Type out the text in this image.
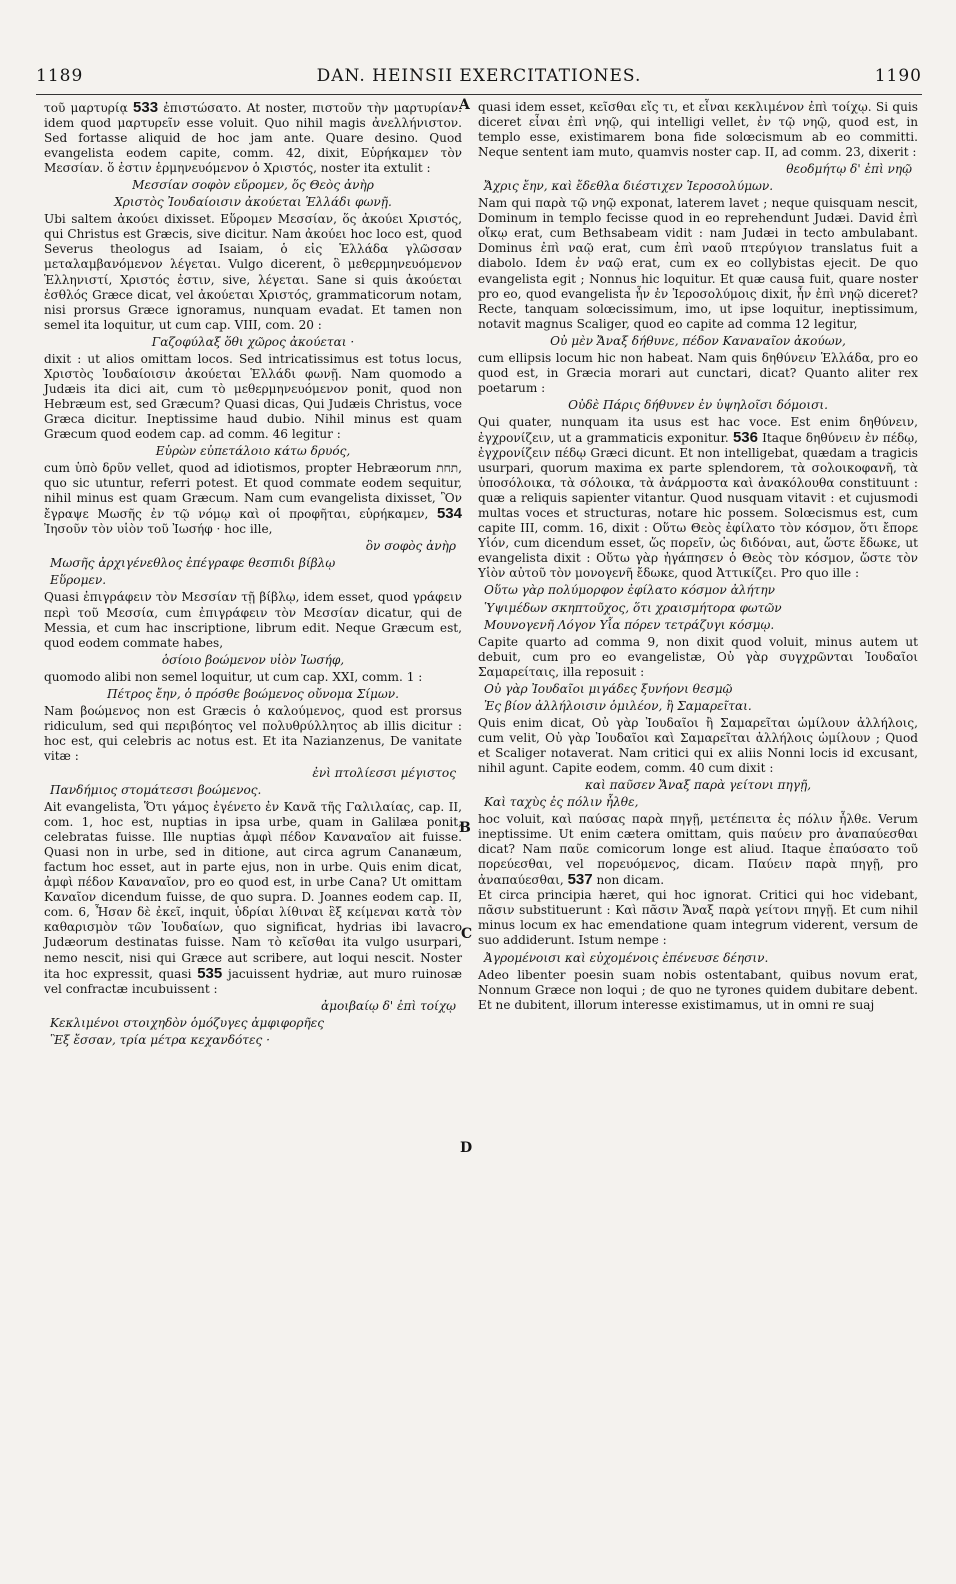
1189	DAN. HEINSII EXERCITATIONES.	1190
A
B
C
D

τοῦ μαρτυρίᾳ 533 ἐπιστώσατο. At noster, πιστοῦν τὴν μαρτυρίαν. idem quod μαρτυρεῖν esse voluit. Quo nihil magis ἀνελλήνιστον. Sed fortasse aliquid de hoc jam ante. Quare desino. Quod evangelista eodem capite, comm. 42, dixit, Εὑρήκαμεν τὸν Μεσσίαν. ὅ ἐστιν ἑρμηνευόμενον ὁ Χριστός, noster ita extulit :

Μεσσίαν σοφὸν εὕρομεν, ὅς Θεὸς ἀνὴρ
Χριστὸς Ἰουδαίοισιν ἀκούεται Ἑλλάδι φωνῇ.

Ubi saltem ἀκούει dixisset. Εὕρομεν Μεσσίαν, ὅς ἀκούει Χριστός, qui Christus est Græcis, sive dicitur. Nam ἀκούει hoc loco est, quod Severus theologus ad Isaiam, ὁ εἰς Ἑλλάδα γλῶσσαν μεταλαμβανόμενον λέγεται. Vulgo dicerent, ὃ μεθερμηνευόμενον Ἑλληνιστί, Χριστός ἐστιν, sive, λέγεται. Sane si quis ἀκούεται ἐσθλός Græce dicat, vel ἀκούεται Χριστός, grammaticorum notam, nisi prorsus Græce ignoramus, nunquam evadat. Et tamen non semel ita loquitur, ut cum cap. VIII, com. 20 :

Γαζοφύλαξ ὅθι χῶρος ἀκούεται ·

dixit : ut alios omittam locos. Sed intricatissimus est totus locus, Χριστὸς Ἰουδαίοισιν ἀκούεται Ἑλλάδι φωνῇ. Nam quomodo a Judæis ita dici ait, cum τὸ μεθερμηνευόμενον ponit, quod non Hebræum est, sed Græcum? Quasi dicas, Qui Judæis Christus, voce Græca dicitur. Ineptissime haud dubio. Nihil minus est quam Græcum quod eodem cap. ad comm. 46 legitur :

Εὑρὼν εὐπετάλοιο κάτω δρυός,

cum ὑπὸ δρῦν vellet, quod ad idiotismos, propter Hebræorum תחת, quo sic utuntur, referri potest. Et quod commate eodem sequitur, nihil minus est quam Græcum. Nam cum evangelista dixisset, Ὃν ἔγραψε Μωσῆς ἐν τῷ νόμῳ καὶ οἱ προφῆται, εὑρήκαμεν, 534 Ἰησοῦν τὸν υἱὸν τοῦ Ἰωσήφ · hoc ille,

ὃν σοφὸς ἀνὴρ
Μωσῆς ἀρχιγένεθλος ἐπέγραφε θεσπιδι βίβλῳ
Εὕρομεν.

Quasi ἐπιγράφειν τὸν Μεσσίαν τῇ βίβλῳ, idem esset, quod γράφειν περὶ τοῦ Μεσσία, cum ἐπιγράφειν τὸν Μεσσίαν dicatur, qui de Messia, et cum hac inscriptione, librum edit. Neque Græcum est, quod eodem commate habes,

ὁσίοιο βοώμενον υἱὸν Ἰωσήφ,

quomodo alibi non semel loquitur, ut cum cap. XXI, comm. 1 :

Πέτρος ἔην, ὁ πρόσθε βοώμενος οὔνομα Σίμων.

Nam βοώμενος non est Græcis ὁ καλούμενος, quod est prorsus ridiculum, sed qui περιβόητος vel πολυθρύλλητος ab illis dicitur : hoc est, qui celebris ac notus est. Et ita Nazianzenus, De vanitate vitæ :

ἐνὶ πτολίεσσι μέγιστος
Πανδήμιος στομάτεσσι βοώμενος.

Ait evangelista, Ὅτι γάμος ἐγένετο ἐν Κανᾶ τῆς Γαλιλαίας, cap. II, com. 1, hoc est, nuptias in ipsa urbe, quam in Galilæa ponit, celebratas fuisse. Ille nuptias ἀμφὶ πέδον Καναναῖον ait fuisse. Quasi non in urbe, sed in ditione, aut circa agrum Cananæum, factum hoc esset, aut in parte ejus, non in urbe. Quis enim dicat, ἀμφὶ πέδον Καναναῖον, pro eo quod est, in urbe Cana? Ut omittam Καναῖον dicendum fuisse, de quo supra. D. Joannes eodem cap. II, com. 6, Ἦσαν δὲ ἐκεῖ, inquit, ὑδρίαι λίθιναι ἓξ κείμεναι κατὰ τὸν καθαρισμὸν τῶν Ἰουδαίων, quo significat, hydrias ibi lavacro Judæorum destinatas fuisse. Nam τὸ κεῖσθαι ita vulgo usurpari, nemo nescit, nisi qui Græce aut scribere, aut loqui nescit. Noster ita hoc expressit, quasi 535 jacuissent hydriæ, aut muro ruinosæ vel confractæ incubuissent :

ἀμοιβαίῳ δ' ἐπὶ τοίχῳ
Κεκλιμένοι στοιχηδὸν ὁμόζυγες ἀμφιφορῆες
Ἓξ ἔσσαν, τρία μέτρα κεχανδότες ·

quasi idem esset, κεῖσθαι εἴς τι, et εἶναι κεκλιμένον ἐπὶ τοίχῳ. Si quis diceret εἶναι ἐπὶ νηῷ, qui intelligi vellet, ἐν τῷ νηῷ, quod est, in templo esse, existimarem bona fide solœcismum ab eo committi. Neque sentent iam muto, quamvis noster cap. II, ad comm. 23, dixerit :

θεοδμήτῳ δ' ἐπὶ νηῷ
Ἄχρις ἔην, καὶ ἔδεθλα διέστιχεν Ἱεροσολύμων.

Nam qui παρὰ τῷ νηῷ exponat, laterem lavet ; neque quisquam nescit, Dominum in templo fecisse quod in eo reprehendunt Judæi. David ἐπὶ οἴκῳ erat, cum Bethsabeam vidit : nam Judæi in tecto ambulabant. Dominus ἐπὶ ναῷ erat, cum ἐπὶ ναοῦ πτερύγιον translatus fuit a diabolo. Idem ἐν ναῷ erat, cum ex eo collybistas ejecit. De quo evangelista egit ; Nonnus hic loquitur. Et quæ causa fuit, quare noster pro eo, quod evangelista ἦν ἐν Ἱεροσολύμοις dixit, ἦν ἐπὶ νηῷ diceret? Recte, tanquam solœcissimum, imo, ut ipse loquitur, ineptissimum, notavit magnus Scaliger, quod eo capite ad comma 12 legitur,

Οὐ μὲν Ἄναξ δήθυνε, πέδον Καναναῖον ἀκούων,

cum ellipsis locum hic non habeat. Nam quis δηθύνειν Ἑλλάδα, pro eo quod est, in Græcia morari aut cunctari, dicat? Quanto aliter rex poetarum :

Οὐδὲ Πάρις δήθυνεν ἐν ὑψηλοῖσι δόμοισι.

Qui quater, nunquam ita usus est hac voce. Est enim δηθύνειν, ἐγχρονίζειν, ut a grammaticis exponitur. 536 Itaque δηθύνειν ἐν πέδῳ, ἐγχρονίζειν πέδῳ Græci dicunt. Et non intelligebat, quædam a tragicis usurpari, quorum maxima ex parte splendorem, τὰ σολοικοφανῆ, τὰ ὑποσόλοικα, τὰ σόλοικα, τὰ ἀνάρμοστα καὶ ἀνακόλουθα constituunt : quæ a reliquis sapienter vitantur. Quod nusquam vitavit : et cujusmodi multas voces et structuras, notare hic possem. Solœcismus est, cum capite III, comm. 16, dixit : Οὕτω Θεὸς ἐφίλατο τὸν κόσμον, ὅτι ἔπορε Υἱόν, cum dicendum esset, ὥς πορεῖν, ὡς διδόναι, aut, ὥστε ἔδωκε, ut evangelista dixit : Οὕτω γὰρ ἠγάπησεν ὁ Θεὸς τὸν κόσμον, ὥστε τὸν Υἱὸν αὐτοῦ τὸν μονογενῆ ἔδωκε, quod Ἀττικίζει. Pro quo ille :

Οὕτω γὰρ πολύμορφον ἐφίλατο κόσμον ἀλήτην
Ὑψιμέδων σκηπτοῦχος, ὅτι χραισμήτορα φωτῶν
Μουνογενῆ Λόγον Υἷα πόρεν τετράζυγι κόσμῳ.

Capite quarto ad comma 9, non dixit quod voluit, minus autem ut debuit, cum pro eo evangelistæ, Οὐ γὰρ συγχρῶνται Ἰουδαῖοι Σαμαρείταις, illa reposuit :

Οὐ γὰρ Ἰουδαῖοι μιγάδες ξυνήονι θεσμῷ
Ἐς βίον ἀλλήλοισιν ὁμιλέον, ἢ Σαμαρεῖται.

Quis enim dicat, Οὐ γὰρ Ἰουδαῖοι ἢ Σαμαρεῖται ὡμίλουν ἀλλήλοις, cum velit, Οὐ γὰρ Ἰουδαῖοι καὶ Σαμαρεῖται ἀλλήλοις ὡμίλουν ; Quod et Scaliger notaverat. Nam critici qui ex aliis Nonni locis id excusant, nihil agunt. Capite eodem, comm. 40 cum dixit :

καὶ παῦσεν Ἄναξ παρὰ γείτονι πηγῇ,
Καὶ ταχὺς ἐς πόλιν ἦλθε,

hoc voluit, καὶ παύσας παρὰ πηγῇ, μετέπειτα ἐς πόλιν ἦλθε. Verum ineptissime. Ut enim cætera omittam, quis παύειν pro ἀναπαύεσθαι dicat? Nam παῦε comicorum longe est aliud. Itaque ἐπαύσατο τοῦ πορεύεσθαι, vel πορευόμενος, dicam. Παύειν παρὰ πηγῇ, pro ἀναπαύεσθαι, 537 non dicam.

Et circa principia hæret, qui hoc ignorat. Critici qui hoc videbant, πᾶσιν substituerunt : Καὶ πᾶσιν Ἄναξ παρὰ γείτονι πηγῇ. Et cum nihil minus locum ex hac emendatione quam integrum viderent, versum de suo addiderunt. Istum nempe :

Ἀγρομένοισι καὶ εὐχομένοις ἐπένευσε δέησιν.

Adeo libenter poesin suam nobis ostentabant, quibus novum erat, Nonnum Græce non loqui ; de quo ne tyrones quidem dubitare debent. Et ne dubitent, illorum interesse existimamus, ut in omni re suaj
